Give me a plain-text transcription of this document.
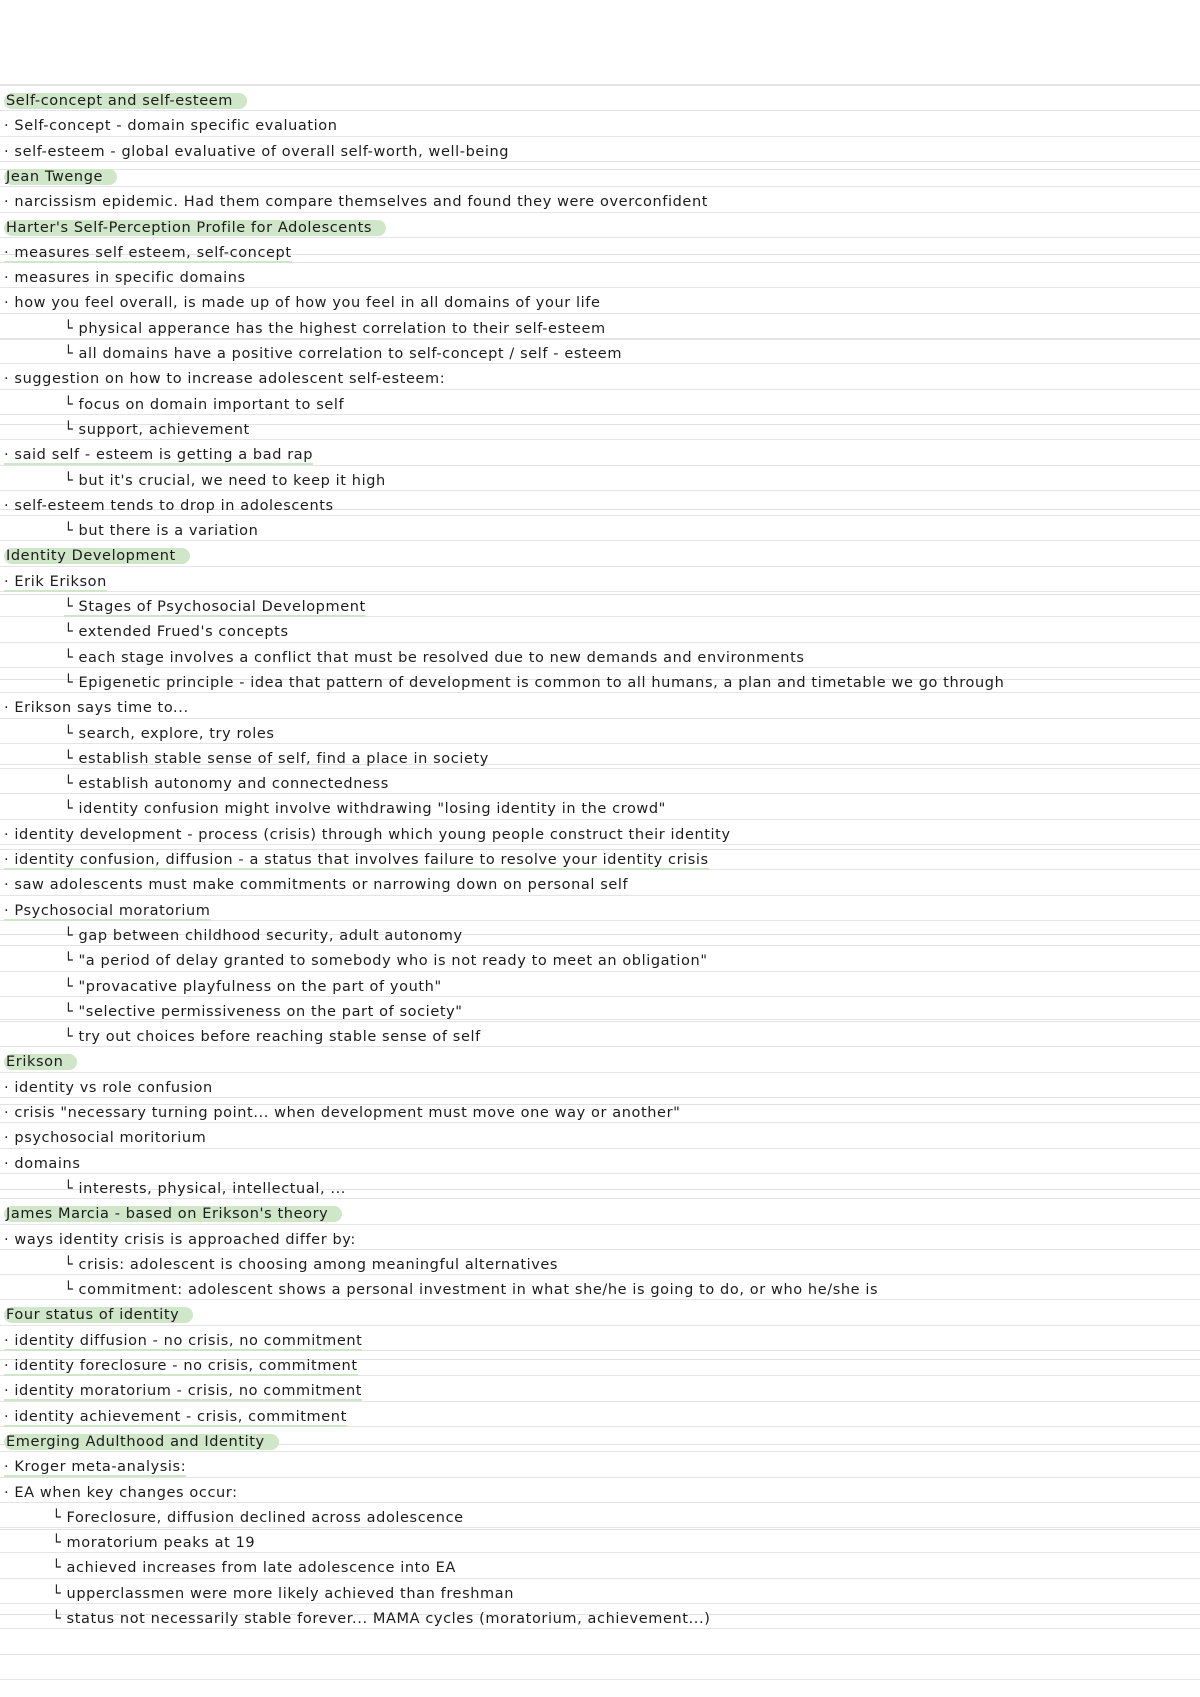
Self-concept and self-esteem
· Self-concept - domain specific evaluation
· self-esteem - global evaluative of overall self-worth, well-being
Jean Twenge
· narcissism epidemic. Had them compare themselves and found they were overconfident
Harter's Self-Perception Profile for Adolescents
· measures self esteem, self-concept
· measures in specific domains
· how you feel overall, is made up of how you feel in all domains of your life
└ physical apperance has the highest correlation to their self-esteem
└ all domains have a positive correlation to self-concept / self - esteem
· suggestion on how to increase adolescent self-esteem:
└ focus on domain important to self
└ support, achievement
· said self - esteem is getting a bad rap
└ but it's crucial, we need to keep it high
· self-esteem tends to drop in adolescents
└ but there is a variation
Identity Development
· Erik Erikson
└ Stages of Psychosocial Development
└ extended Frued's concepts
└ each stage involves a conflict that must be resolved due to new demands and environments
└ Epigenetic principle - idea that pattern of development is common to all humans, a plan and timetable we go through
· Erikson says time to...
└ search, explore, try roles
└ establish stable sense of self, find a place in society
└ establish autonomy and connectedness
└ identity confusion might involve withdrawing "losing identity in the crowd"
· identity development - process (crisis) through which young people construct their identity
· identity confusion, diffusion - a status that involves failure to resolve your identity crisis
· saw adolescents must make commitments or narrowing down on personal self
· Psychosocial moratorium
└ gap between childhood security, adult autonomy
└ "a period of delay granted to somebody who is not ready to meet an obligation"
└ "provacative playfulness on the part of youth"
└ "selective permissiveness on the part of society"
└ try out choices before reaching stable sense of self
Erikson
· identity vs role confusion
· crisis "necessary turning point... when development must move one way or another"
· psychosocial moritorium
· domains
└ interests, physical, intellectual, ...
James Marcia - based on Erikson's theory
· ways identity crisis is approached differ by:
└ crisis: adolescent is choosing among meaningful alternatives
└ commitment: adolescent shows a personal investment in what she/he is going to do, or who he/she is
Four status of identity
· identity diffusion - no crisis, no commitment
· identity foreclosure - no crisis, commitment
· identity moratorium - crisis, no commitment
· identity achievement - crisis, commitment
Emerging Adulthood and Identity
· Kroger meta-analysis:
· EA when key changes occur:
└ Foreclosure, diffusion declined across adolescence
└ moratorium peaks at 19
└ achieved increases from late adolescence into EA
└ upperclassmen were more likely achieved than freshman
└ status not necessarily stable forever... MAMA cycles (moratorium, achievement...)
